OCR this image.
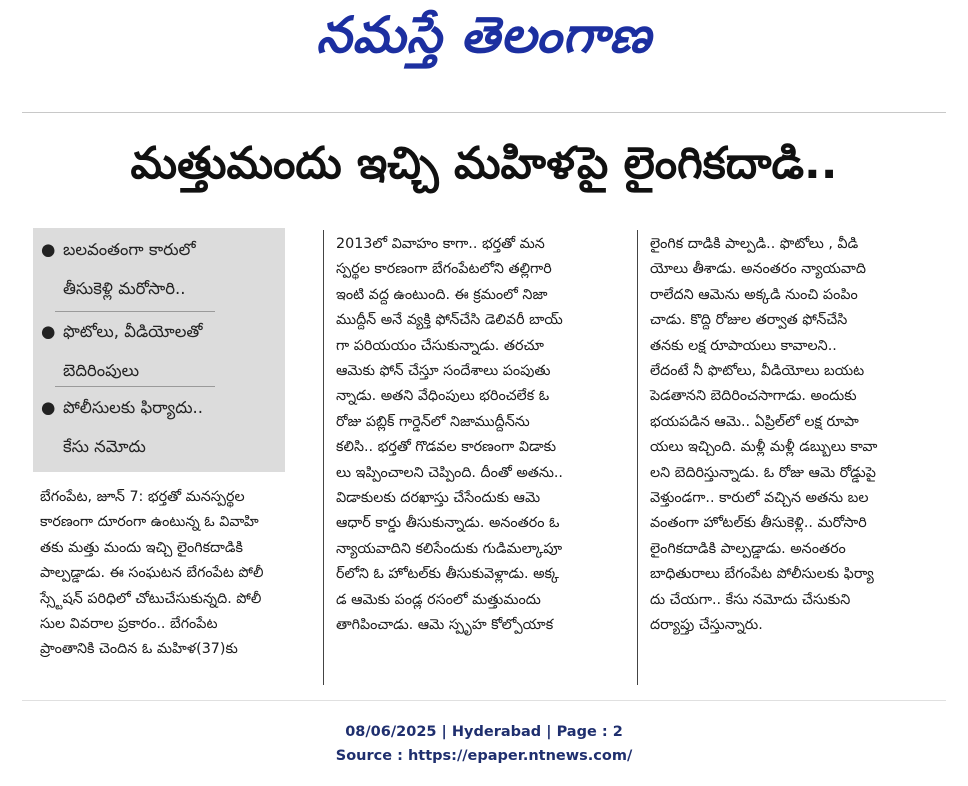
నమస్తే తెలంగాణ
మత్తుమందు ఇచ్చి మహిళపై లైంగికదాడి..
● బలవంతంగా కారులో
తీసుకెళ్లి మరోసారి..
● ఫొటోలు, వీడియోలతో
బెదిరింపులు
● పోలీసులకు ఫిర్యాదు..
కేసు నమోదు
బేగంపేట, జూన్ 7: భర్తతో మనస్పర్థల
కారణంగా దూరంగా ఉంటున్న ఓ వివాహి
తకు మత్తు మందు ఇచ్చి లైంగికదాడికి
పాల్పడ్డాడు. ఈ సంఘటన బేగంపేట పోలీ
స్స్టేషన్ పరిధిలో చోటుచేసుకున్నది. పోలీ
సుల వివరాల ప్రకారం.. బేగంపేట
ప్రాంతానికి చెందిన ఓ మహిళ(37)కు
2013లో వివాహం కాగా.. భర్తతో మన
స్పర్థల కారణంగా బేగంపేటలోని తల్లిగారి
ఇంటి వద్ద ఉంటుంది. ఈ క్రమంలో నిజా
ముద్దీన్ అనే వ్యక్తి ఫోన్‌చేసి డెలివరీ బాయ్
గా పరియయం చేసుకున్నాడు. తరచూ
ఆమెకు ఫోన్ చేస్తూ సందేశాలు పంపుతు
న్నాడు. అతని వేధింపులు భరించలేక ఓ
రోజు పబ్లిక్ గార్డెన్‌లో నిజాముద్దీన్‌ను
కలిసి.. భర్తతో గొడవల కారణంగా విడాకు
లు ఇప్పించాలని చెప్పింది. దీంతో అతను..
విడాకులకు దరఖాస్తు చేసేందుకు ఆమె
ఆధార్ కార్డు తీసుకున్నాడు. అనంతరం ఓ
న్యాయవాదిని కలిసేందుకు గుడిమల్కాపూ
ర్‌లోని ఓ హోటల్‌కు తీసుకువెళ్లాడు. అక్క
డ ఆమెకు పండ్ల రసంలో మత్తుమందు
తాగిపించాడు. ఆమె స్పృహ కోల్పోయాక
లైంగిక దాడికి పాల్పడి.. ఫొటోలు , వీడి
యోలు తీశాడు. అనంతరం న్యాయవాది
రాలేదని ఆమెను అక్కడి నుంచి పంపిం
చాడు. కొద్ది రోజుల తర్వాత ఫోన్‌చేసి
తనకు లక్ష రూపాయలు కావాలని..
లేదంటే నీ ఫొటోలు, వీడియోలు బయట
పెడతానని బెదిరించసాగాడు. అందుకు
భయపడిన ఆమె.. ఏప్రిల్‌లో లక్ష రూపా
యలు ఇచ్చింది. మళ్లీ మళ్లీ డబ్బులు కావా
లని బెదిరిస్తున్నాడు. ఓ రోజు ఆమె రోడ్డుపై
వెళ్తుండగా.. కారులో వచ్చిన అతను బల
వంతంగా హోటల్‌కు తీసుకెళ్లి.. మరోసారి
లైంగికదాడికి పాల్పడ్డాడు. అనంతరం
బాధితురాలు బేగంపేట పోలీసులకు ఫిర్యా
దు చేయగా.. కేసు నమోదు చేసుకుని
దర్యాప్తు చేస్తున్నారు.
08/06/2025 | Hyderabad | Page : 2
Source : https://epaper.ntnews.com/
